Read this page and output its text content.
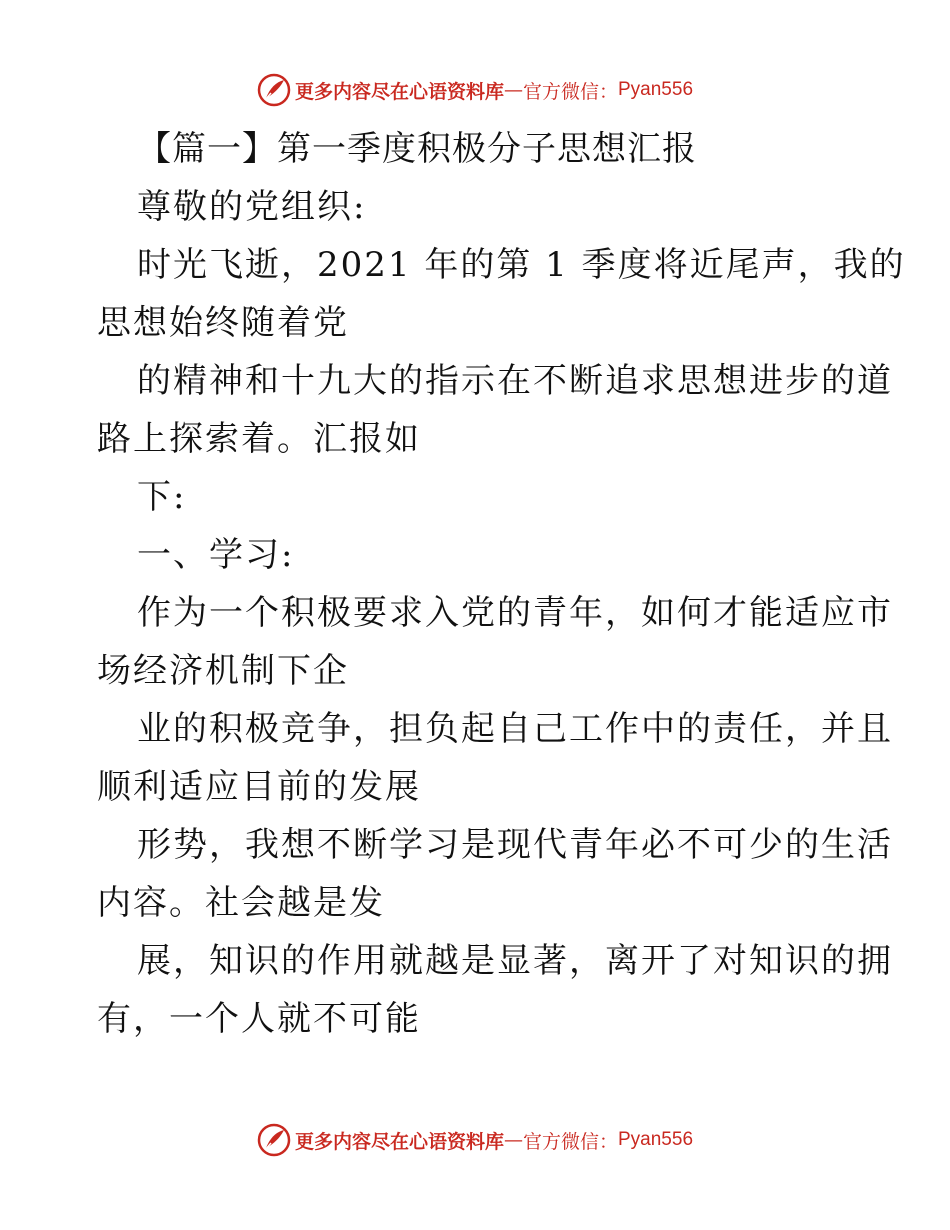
更多内容尽在心语资料库 — 官方微信： Pyan556
【篇一】第一季度积极分子思想汇报
尊敬的党组织:
时光飞逝，2021 年的第 1 季度将近尾声，我的
思想始终随着党
的精神和十九大的指示在不断追求思想进步的道
路上探索着。汇报如
下:
一、学习:
作为一个积极要求入党的青年，如何才能适应市
场经济机制下企
业的积极竞争，担负起自己工作中的责任，并且
顺利适应目前的发展
形势，我想不断学习是现代青年必不可少的生活
内容。社会越是发
展，知识的作用就越是显著，离开了对知识的拥
有，一个人就不可能
更多内容尽在心语资料库 — 官方微信： Pyan556
